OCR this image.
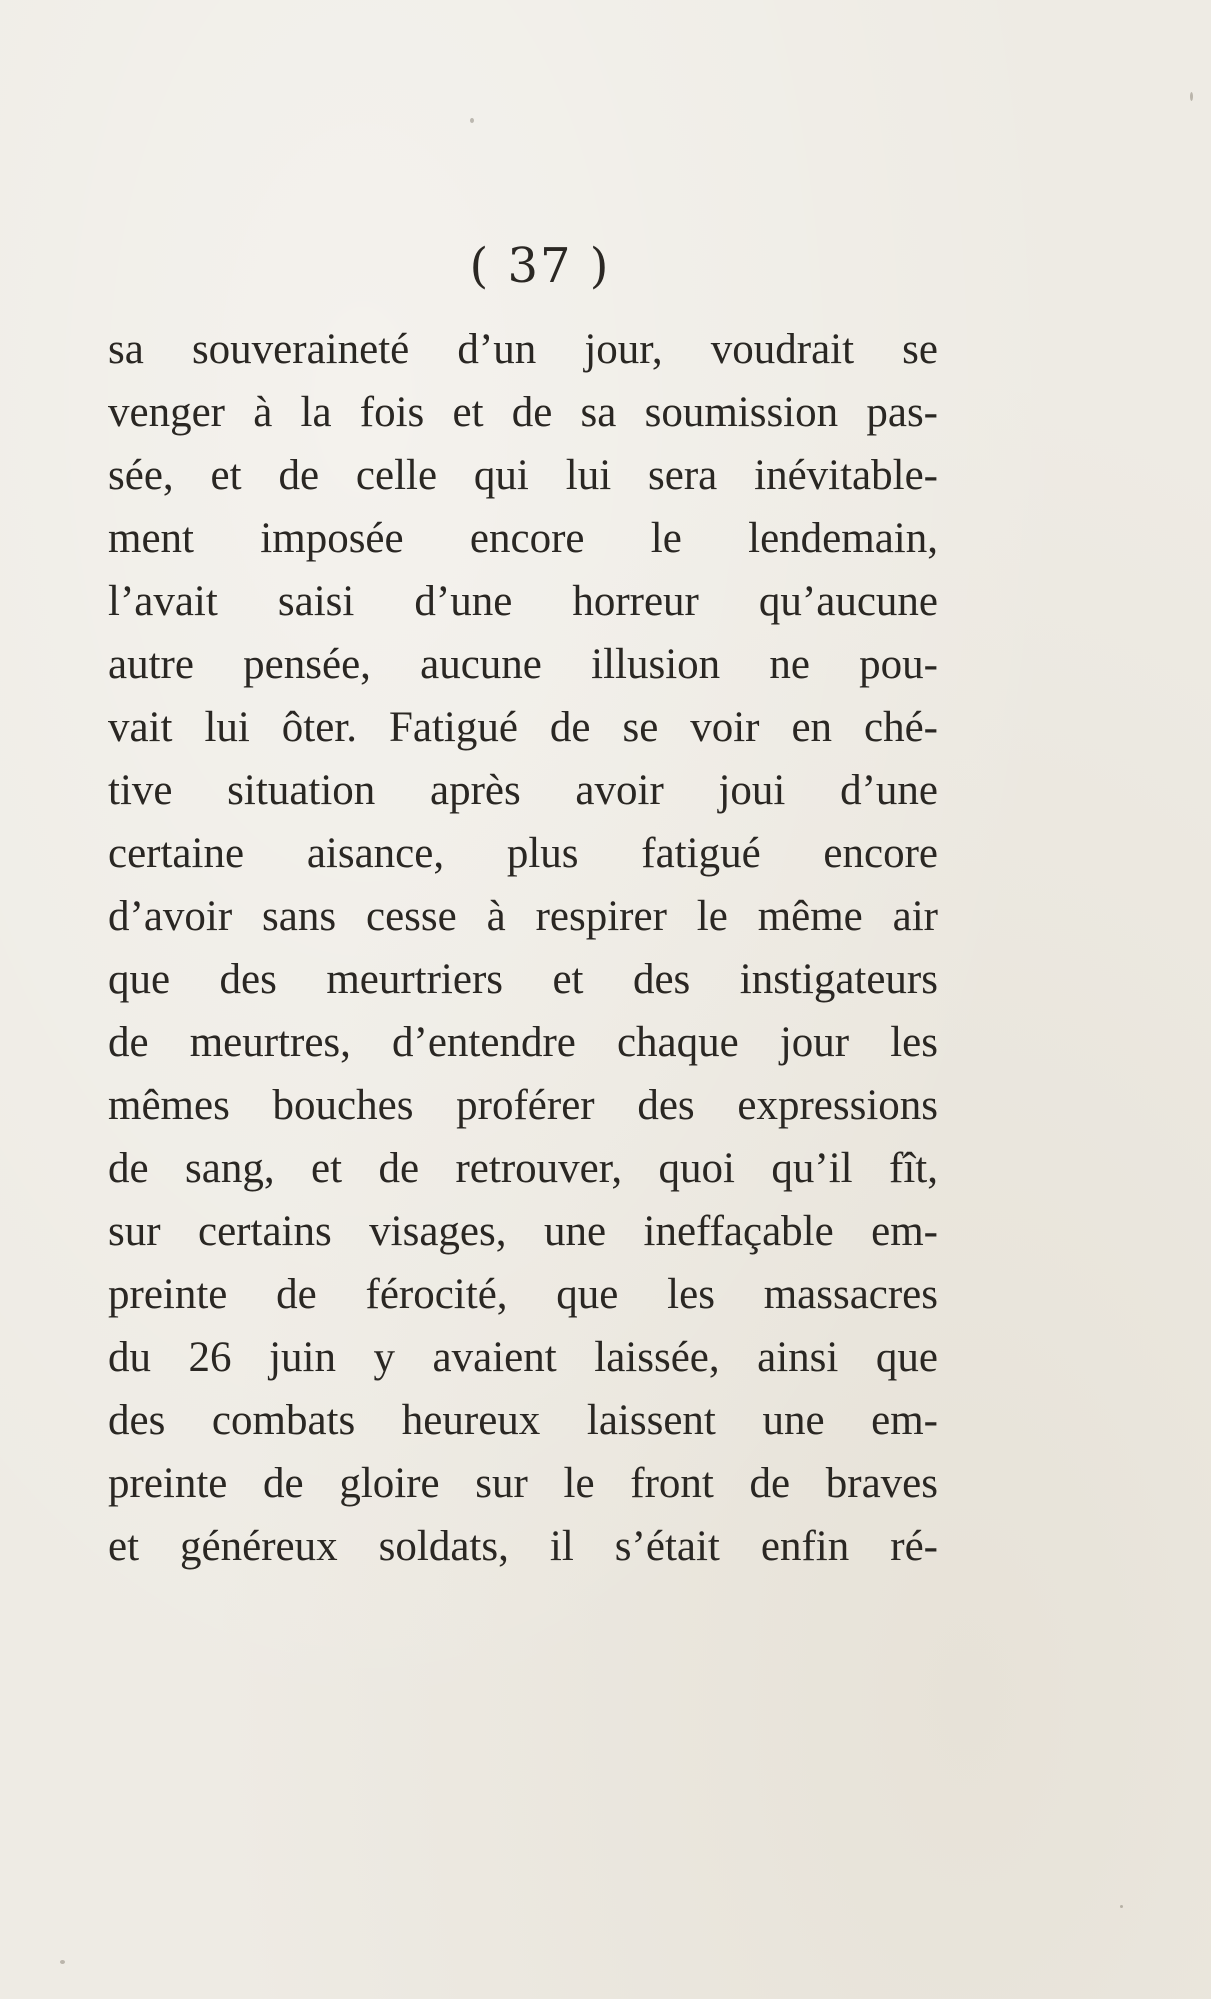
( 37 )
sa souveraineté d’un jour, voudrait se
venger à la fois et de sa soumission pas-
sée, et de celle qui lui sera inévitable-
ment imposée encore le lendemain,
l’avait saisi d’une horreur qu’aucune
autre pensée, aucune illusion ne pou-
vait lui ôter. Fatigué de se voir en ché-
tive situation après avoir joui d’une
certaine aisance, plus fatigué encore
d’avoir sans cesse à respirer le même air
que des meurtriers et des instigateurs
de meurtres, d’entendre chaque jour les
mêmes bouches proférer des expressions
de sang, et de retrouver, quoi qu’il fît,
sur certains visages, une ineffaçable em-
preinte de férocité, que les massacres
du 26 juin y avaient laissée, ainsi que
des combats heureux laissent une em-
preinte de gloire sur le front de braves
et généreux soldats, il s’était enfin ré-
